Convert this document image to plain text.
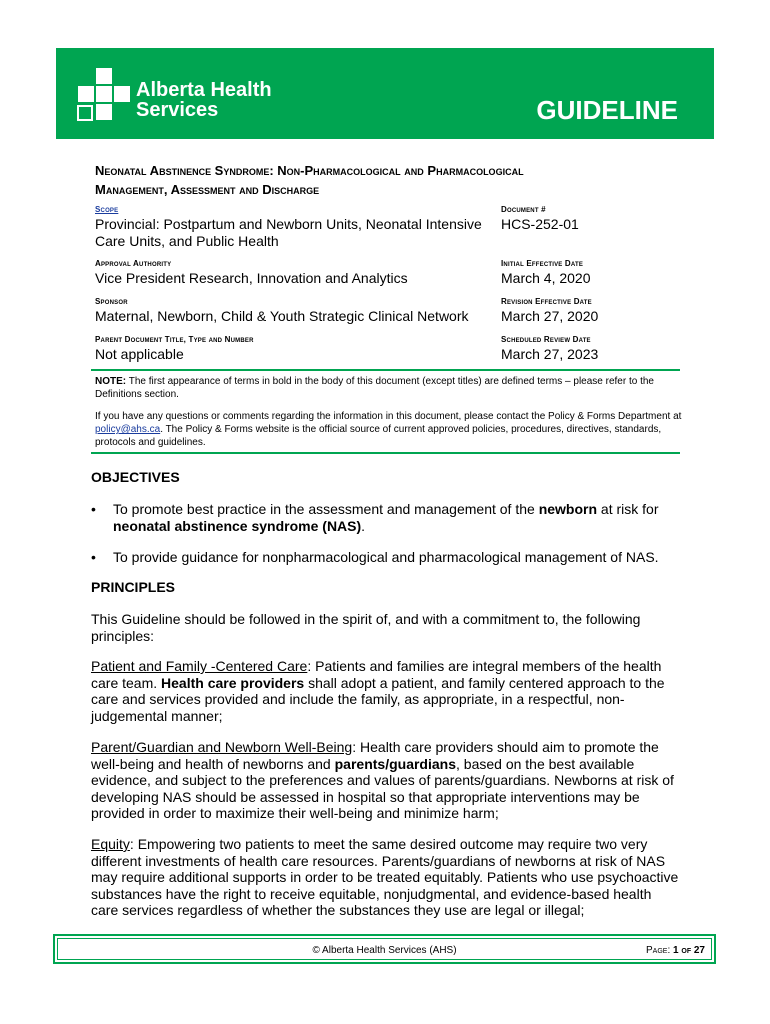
Alberta Health
Services	GUIDELINE
Neonatal Abstinence Syndrome: Non-Pharmacological and Pharmacological
Management, Assessment and Discharge
Scope
Provincial: Postpartum and Newborn Units, Neonatal Intensive
Care Units, and Public Health
Document #
HCS-252-01
Approval Authority
Vice President Research, Innovation and Analytics
Initial Effective Date
March 4, 2020
Sponsor
Maternal, Newborn, Child & Youth Strategic Clinical Network
Revision Effective Date
March 27, 2020
Parent Document Title, Type and Number
Not applicable
Scheduled Review Date
March 27, 2023
NOTE: The first appearance of terms in bold in the body of this document (except titles) are defined terms – please refer to the Definitions section.
If you have any questions or comments regarding the information in this document, please contact the Policy & Forms Department at policy@ahs.ca. The Policy & Forms website is the official source of current approved policies, procedures, directives, standards, protocols and guidelines.
OBJECTIVES
• To promote best practice in the assessment and management of the newborn at risk for neonatal abstinence syndrome (NAS).
• To provide guidance for nonpharmacological and pharmacological management of NAS.
PRINCIPLES
This Guideline should be followed in the spirit of, and with a commitment to, the following principles:
Patient and Family -Centered Care: Patients and families are integral members of the health care team. Health care providers shall adopt a patient, and family centered approach to the care and services provided and include the family, as appropriate, in a respectful, non-judgemental manner;
Parent/Guardian and Newborn Well-Being: Health care providers should aim to promote the well-being and health of newborns and parents/guardians, based on the best available evidence, and subject to the preferences and values of parents/guardians. Newborns at risk of developing NAS should be assessed in hospital so that appropriate interventions may be provided in order to maximize their well-being and minimize harm;
Equity: Empowering two patients to meet the same desired outcome may require two very different investments of health care resources. Parents/guardians of newborns at risk of NAS may require additional supports in order to be treated equitably. Patients who use psychoactive substances have the right to receive equitable, nonjudgmental, and evidence-based health care services regardless of whether the substances they use are legal or illegal;
© Alberta Health Services (AHS)	Page: 1 of 27
